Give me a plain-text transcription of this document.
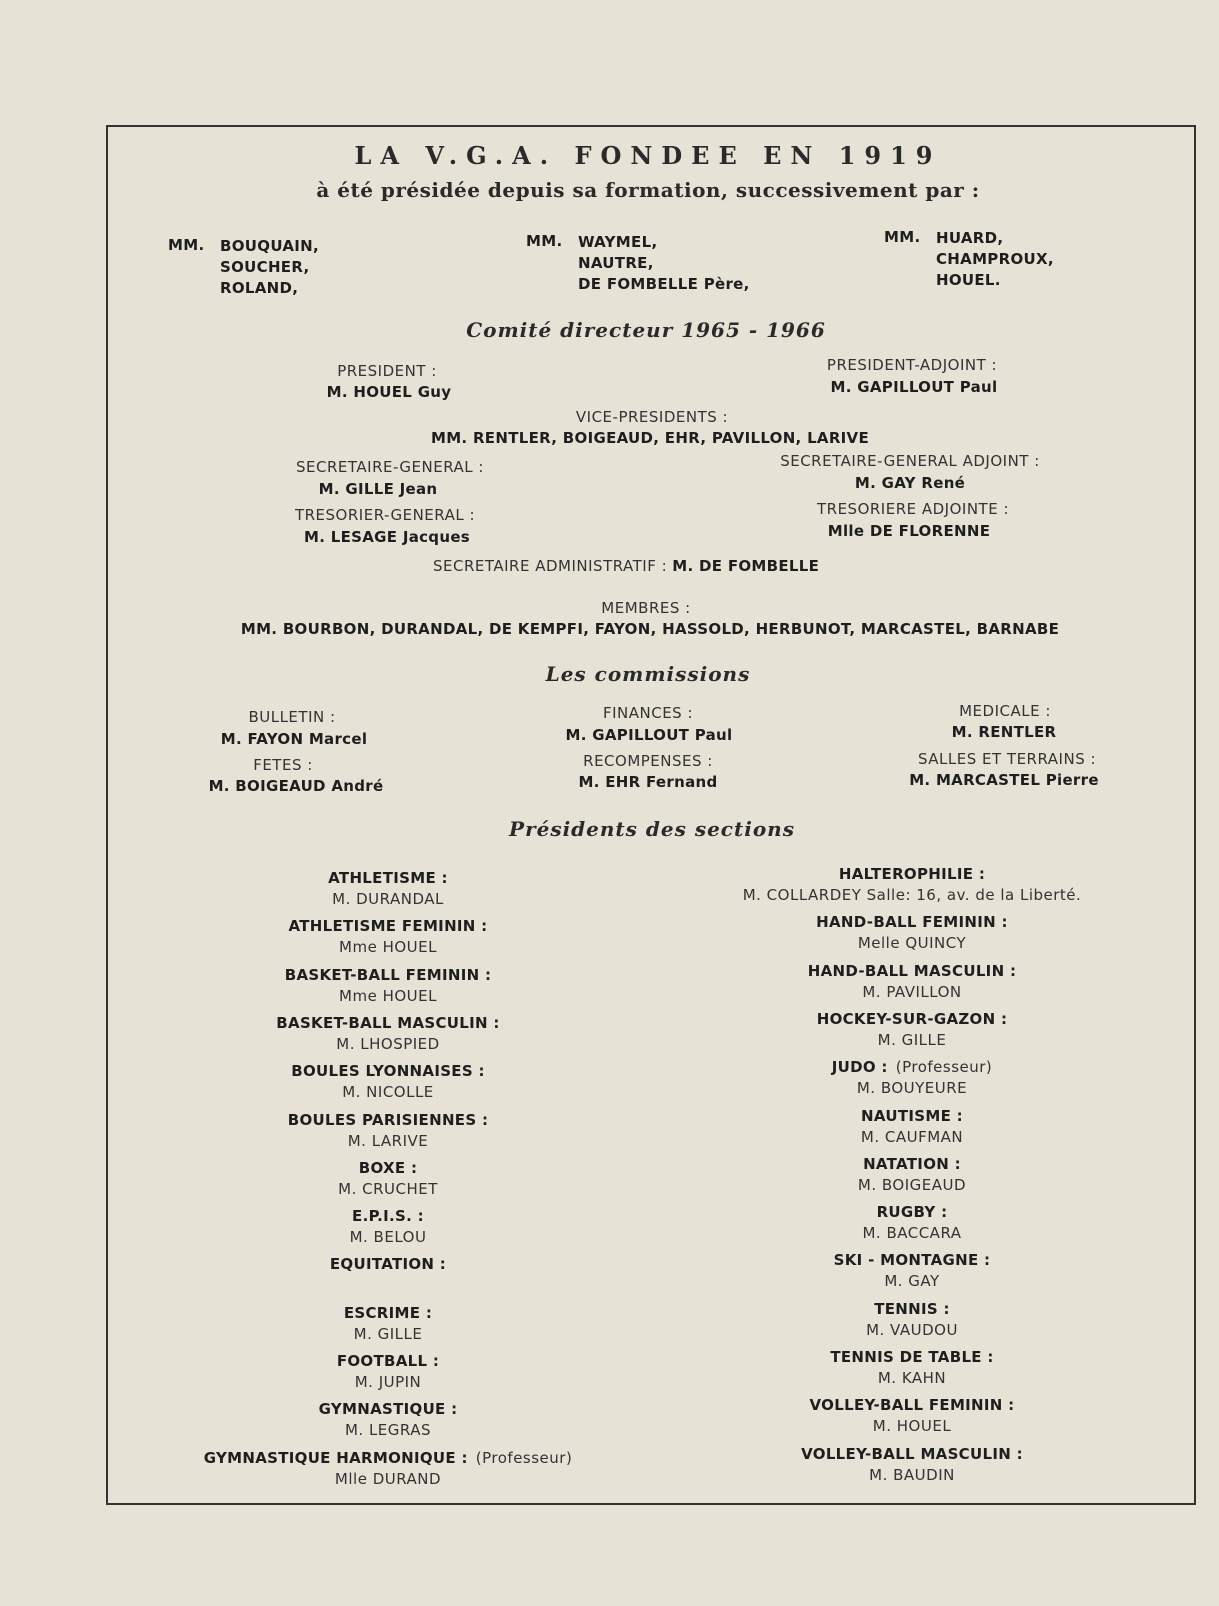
LA V.G.A. FONDEE EN 1919
à été présidée depuis sa formation, successivement par :
MM. BOUQUAIN,
SOUCHER,
ROLAND,
MM. WAYMEL,
NAUTRE,
DE FOMBELLE Père,
MM. HUARD,
CHAMPROUX,
HOUEL.
Comité directeur 1965 - 1966
PRESIDENT :
M. HOUEL Guy
PRESIDENT-ADJOINT :
M. GAPILLOUT Paul
VICE-PRESIDENTS :
MM. RENTLER, BOIGEAUD, EHR, PAVILLON, LARIVE
SECRETAIRE-GENERAL :
M. GILLE Jean
SECRETAIRE-GENERAL ADJOINT :
M. GAY René
TRESORIER-GENERAL :
M. LESAGE Jacques
TRESORIERE ADJOINTE :
Mlle DE FLORENNE
SECRETAIRE ADMINISTRATIF : M. DE FOMBELLE
MEMBRES :
MM. BOURBON, DURANDAL, DE KEMPFI, FAYON, HASSOLD, HERBUNOT, MARCASTEL, BARNABE
Les commissions
BULLETIN :
M. FAYON Marcel
FINANCES :
M. GAPILLOUT Paul
MEDICALE :
M. RENTLER
FETES :
M. BOIGEAUD André
RECOMPENSES :
M. EHR Fernand
SALLES ET TERRAINS :
M. MARCASTEL Pierre
Présidents des sections
ATHLETISME :
M. DURANDAL
ATHLETISME FEMININ :
Mme HOUEL
BASKET-BALL FEMININ :
Mme HOUEL
BASKET-BALL MASCULIN :
M. LHOSPIED
BOULES LYONNAISES :
M. NICOLLE
BOULES PARISIENNES :
M. LARIVE
BOXE :
M. CRUCHET
E.P.I.S. :
M. BELOU
EQUITATION :
ESCRIME :
M. GILLE
FOOTBALL :
M. JUPIN
GYMNASTIQUE :
M. LEGRAS
GYMNASTIQUE HARMONIQUE : (Professeur)
Mlle DURAND
HALTEROPHILIE :
M. COLLARDEY Salle: 16, av. de la Liberté.
HAND-BALL FEMININ :
Melle QUINCY
HAND-BALL MASCULIN :
M. PAVILLON
HOCKEY-SUR-GAZON :
M. GILLE
JUDO : (Professeur)
M. BOUYEURE
NAUTISME :
M. CAUFMAN
NATATION :
M. BOIGEAUD
RUGBY :
M. BACCARA
SKI - MONTAGNE :
M. GAY
TENNIS :
M. VAUDOU
TENNIS DE TABLE :
M. KAHN
VOLLEY-BALL FEMININ :
M. HOUEL
VOLLEY-BALL MASCULIN :
M. BAUDIN
